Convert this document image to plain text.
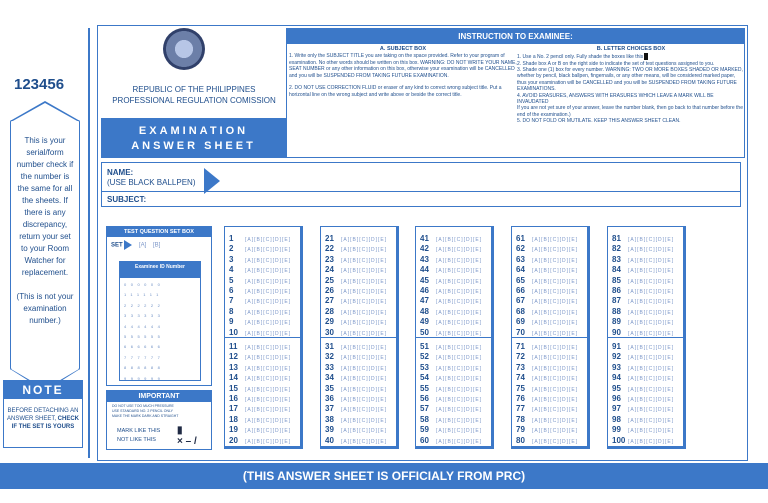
123456

This is your serial/form number check if the number is the same for all the sheets. If there is any discrepancy, return your set to your Room Watcher for replacement.

(This is not your examination number.)

NOTE
BEFORE DETACHING AN ANSWER SHEET, CHECK IF THE SET IS YOURS
REPUBLIC OF THE PHILIPPINES
PROFESSIONAL REGULATION COMISSION
EXAMINATION
ANSWER SHEET
INSTRUCTION TO EXAMINEE:
A. SUBJECT BOX

1. Write only the SUBJECT TITLE you are taking on the space provided. Refer to your program of examination. No other words should be written on this box. WARNING: DO NOT WRITE YOUR NAME, SEAT NUMBER or any other information on this box, otherwise your examination will be CANCELLED and you will be SUSPENDED FROM TAKING FUTURE EXAMINATION.

2. DO NOT USE CORRECTION FLUID or eraser of any kind to correct wrong subject title. Put a horizontal line on the wrong subject and write above or beside the correct title.

B. LETTER CHOICES BOX

1. Use a No. 2 pencil only. Fully shade the boxes like this

2. Shade box A or B on the right side to indicate the set of test questions assigned to you.

3. Shade one (1) box for every number. WARNING: TWO OR MORE BOXES SHADED OR MARKED, whether by pencil, black ballpen, fingernails, or any other means, will be considered marked paper, thus your examination will be CANCELLED and you will be SUSPENDED FROM TAKING FUTURE EXAMINATIONS.

4. AVOID ERASURES, ANSWERS WITH ERASURES WHICH LEAVE A MARK WILL BE INVAUDATED

If you are not yet sure of your answer, leave the number blank, then go back to that number before the end of the examination.)

5. DO NOT FOLD OR MUTILATE. KEEP THIS ANSWER SHEET CLEAN.

NAME:
(USE BLACK BALLPEN)
SUBJECT:
TEST QUESTION SET BOX
SET	[A]    [B]
Examinee ID Number
000000
111111
222222
333333
444444
555555
666666
777777
888888
999999
IMPORTANT
DO NOT USE TOO MUCH PRESSURE
USE STANDARD NO. 2 PENCIL ONLY
MAKE THE MARK DARK AND STRAIGHT
MARK LIKE THIS
NOT LIKE THIS
▮
× – /
1 [A][B][C][D][E]
2 [A][B][C][D][E]
3 [A][B][C][D][E]
4 [A][B][C][D][E]
5 [A][B][C][D][E]
6 [A][B][C][D][E]
7 [A][B][C][D][E]
8 [A][B][C][D][E]
9 [A][B][C][D][E]
10 [A][B][C][D][E]
11 [A][B][C][D][E]
12 [A][B][C][D][E]
13 [A][B][C][D][E]
14 [A][B][C][D][E]
15 [A][B][C][D][E]
16 [A][B][C][D][E]
17 [A][B][C][D][E]
18 [A][B][C][D][E]
19 [A][B][C][D][E]
20 [A][B][C][D][E]
21 [A][B][C][D][E]
22 [A][B][C][D][E]
23 [A][B][C][D][E]
24 [A][B][C][D][E]
25 [A][B][C][D][E]
26 [A][B][C][D][E]
27 [A][B][C][D][E]
28 [A][B][C][D][E]
29 [A][B][C][D][E]
30 [A][B][C][D][E]
31 [A][B][C][D][E]
32 [A][B][C][D][E]
33 [A][B][C][D][E]
34 [A][B][C][D][E]
35 [A][B][C][D][E]
36 [A][B][C][D][E]
37 [A][B][C][D][E]
38 [A][B][C][D][E]
39 [A][B][C][D][E]
40 [A][B][C][D][E]
41 [A][B][C][D][E]
42 [A][B][C][D][E]
43 [A][B][C][D][E]
44 [A][B][C][D][E]
45 [A][B][C][D][E]
46 [A][B][C][D][E]
47 [A][B][C][D][E]
48 [A][B][C][D][E]
49 [A][B][C][D][E]
50 [A][B][C][D][E]
51 [A][B][C][D][E]
52 [A][B][C][D][E]
53 [A][B][C][D][E]
54 [A][B][C][D][E]
55 [A][B][C][D][E]
56 [A][B][C][D][E]
57 [A][B][C][D][E]
58 [A][B][C][D][E]
59 [A][B][C][D][E]
60 [A][B][C][D][E]
61 [A][B][C][D][E]
62 [A][B][C][D][E]
63 [A][B][C][D][E]
64 [A][B][C][D][E]
65 [A][B][C][D][E]
66 [A][B][C][D][E]
67 [A][B][C][D][E]
68 [A][B][C][D][E]
69 [A][B][C][D][E]
70 [A][B][C][D][E]
71 [A][B][C][D][E]
72 [A][B][C][D][E]
73 [A][B][C][D][E]
74 [A][B][C][D][E]
75 [A][B][C][D][E]
76 [A][B][C][D][E]
77 [A][B][C][D][E]
78 [A][B][C][D][E]
79 [A][B][C][D][E]
80 [A][B][C][D][E]
81 [A][B][C][D][E]
82 [A][B][C][D][E]
83 [A][B][C][D][E]
84 [A][B][C][D][E]
85 [A][B][C][D][E]
86 [A][B][C][D][E]
87 [A][B][C][D][E]
88 [A][B][C][D][E]
89 [A][B][C][D][E]
90 [A][B][C][D][E]
91 [A][B][C][D][E]
92 [A][B][C][D][E]
93 [A][B][C][D][E]
94 [A][B][C][D][E]
95 [A][B][C][D][E]
96 [A][B][C][D][E]
97 [A][B][C][D][E]
98 [A][B][C][D][E]
99 [A][B][C][D][E]
100 [A][B][C][D][E]
(THIS ANSWER SHEET IS OFFICIALY FROM PRC)
